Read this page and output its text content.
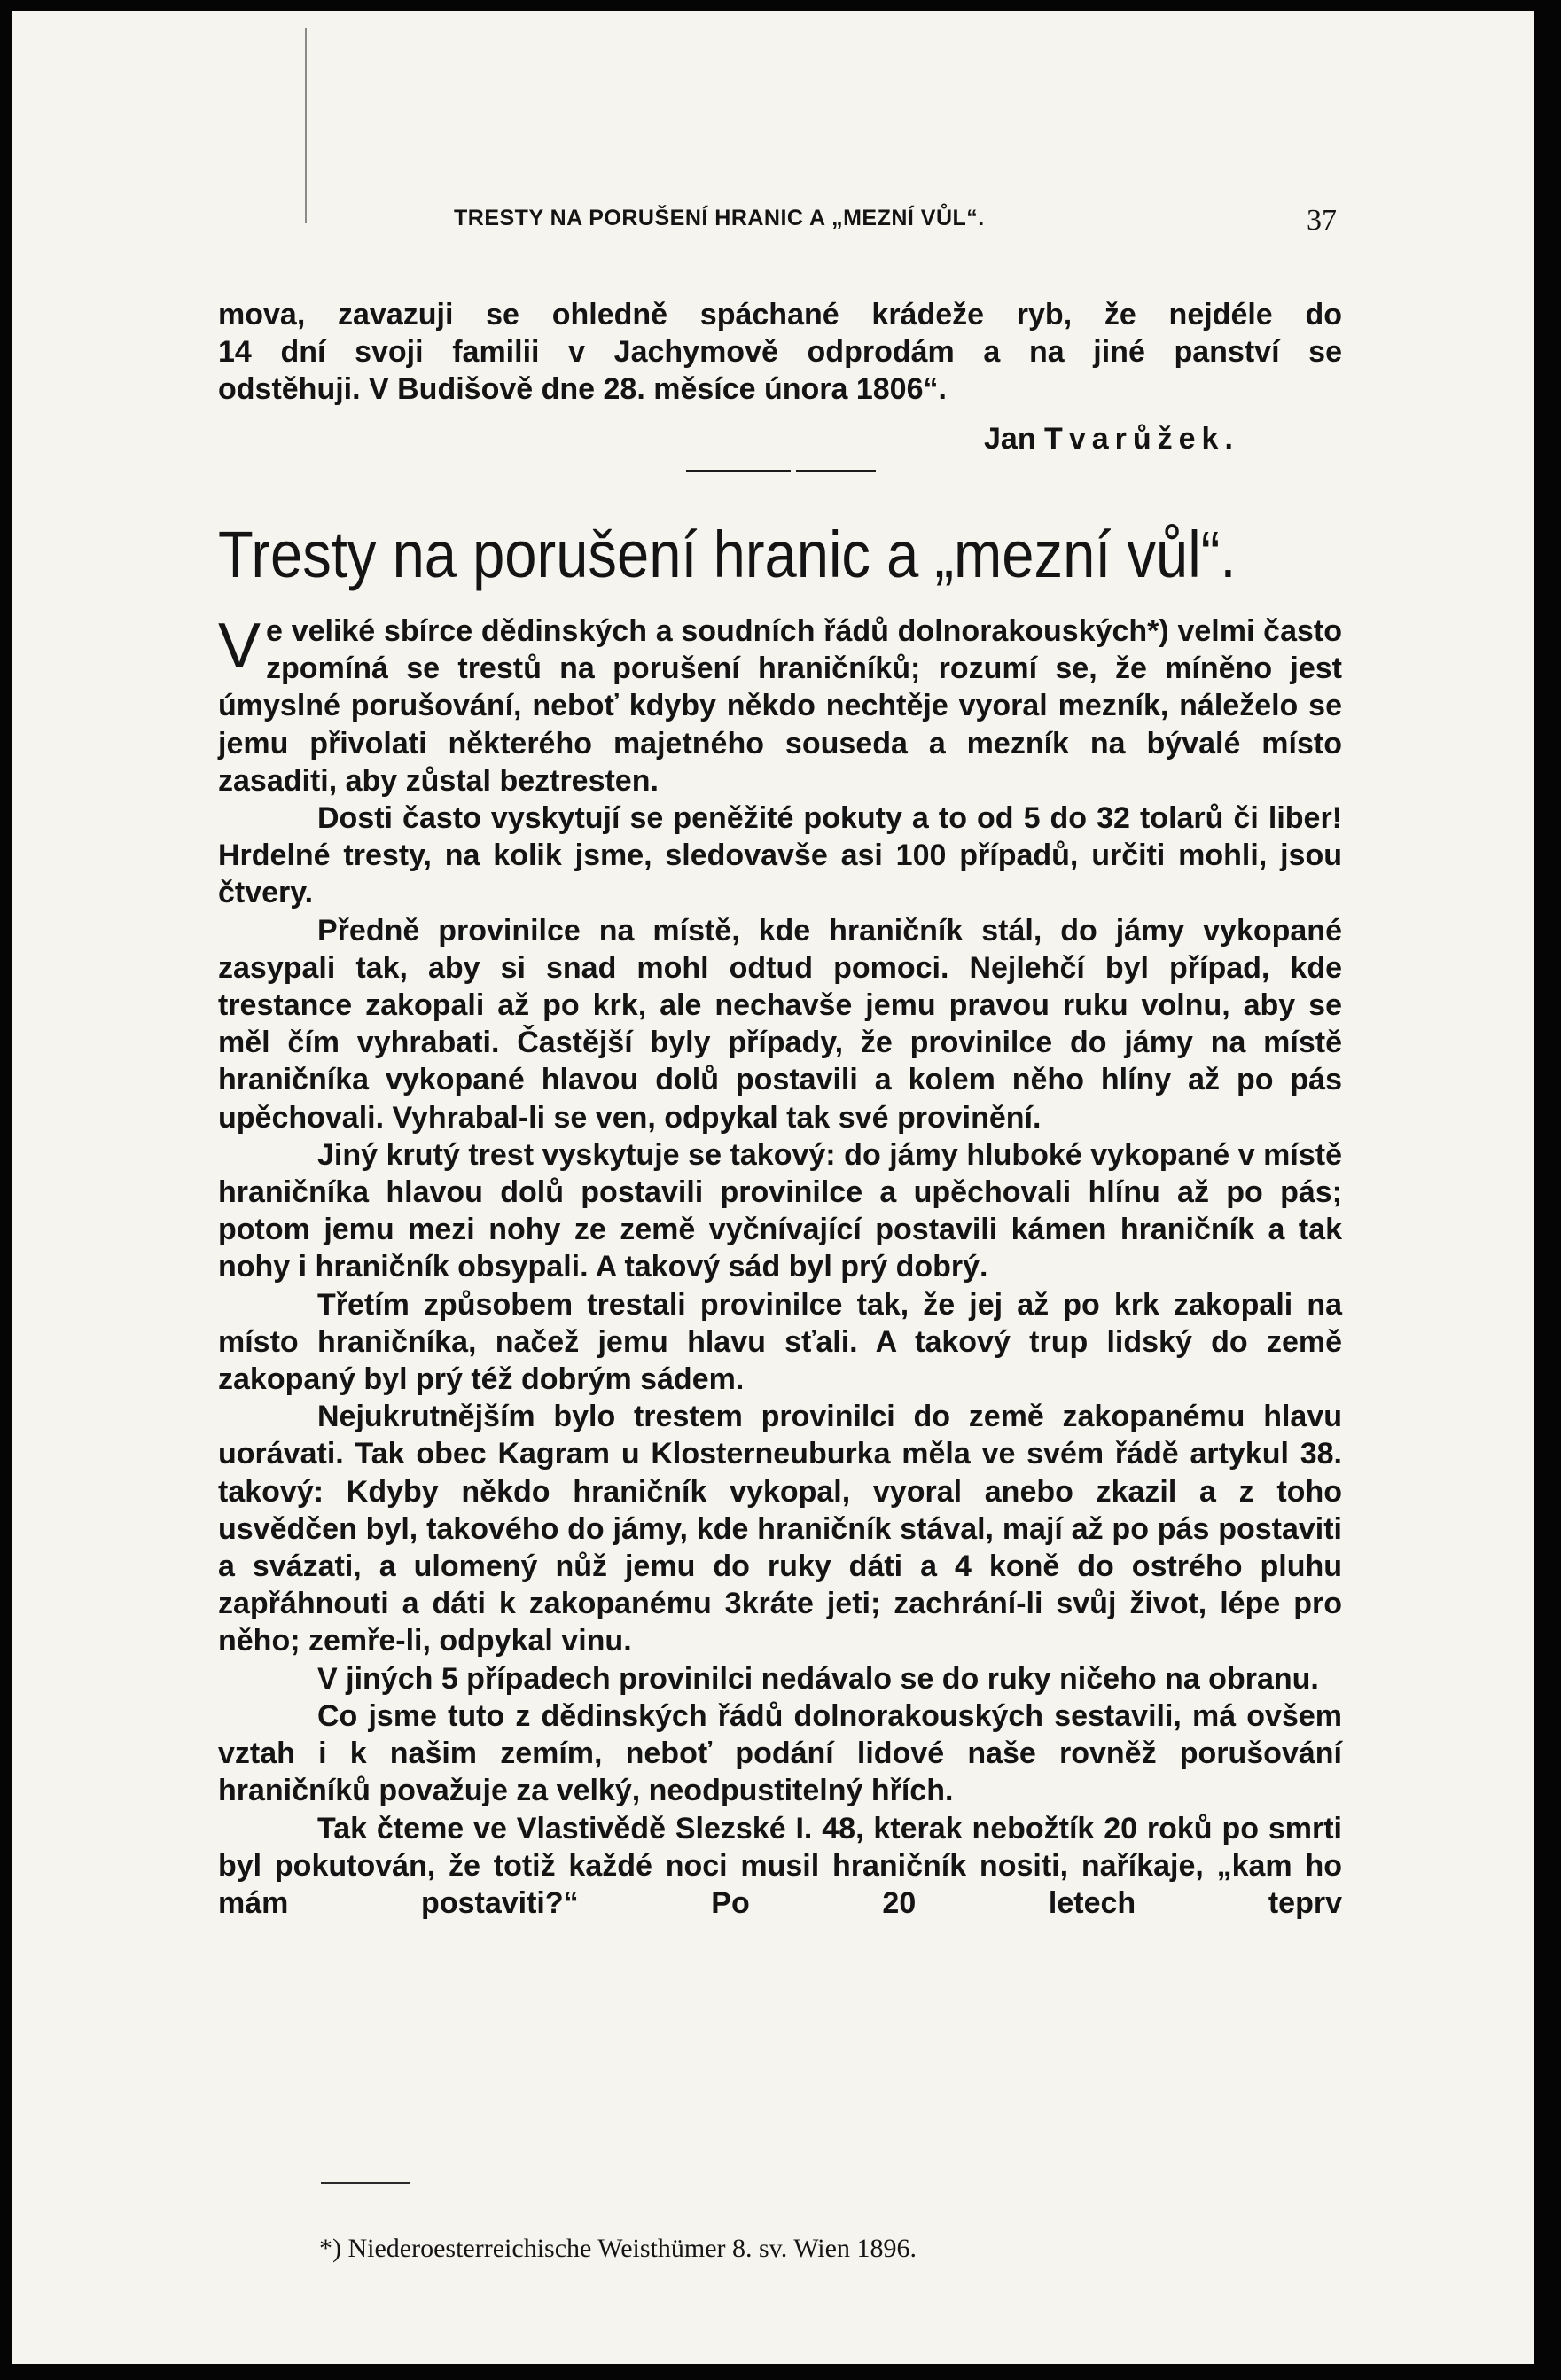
TRESTY NA PORUŠENÍ HRANIC A „MEZNÍ VŮL“.	37

mova, zavazuji se ohledně spáchané krádeže ryb, že nejdéle do

14 dní svoji familii v Jachymově odprodám a na jiné panství se

odstěhuji. V Budišově dne 28. měsíce února 1806“.

Jan Tvarůžek.
Tresty na porušení hranic a „mezní vůl“.

Ve veliké sbírce dědinských a soudních řádů dolnorakouských*) velmi často zpomíná se trestů na porušení hraničníků; rozumí se, že míněno jest úmyslné porušování, neboť kdyby někdo nechtěje vyoral mezník, náleželo se jemu přivolati některého majetného souseda a mezník na bývalé místo zasaditi, aby zůstal beztresten.

Dosti často vyskytují se peněžité pokuty a to od 5 do 32 tolarů či liber! Hrdelné tresty, na kolik jsme, sledovavše asi 100 případů, určiti mohli, jsou čtvery.

Předně provinilce na místě, kde hraničník stál, do jámy vykopané zasypali tak, aby si snad mohl odtud pomoci. Nejlehčí byl případ, kde trestance zakopali až po krk, ale nechavše jemu pravou ruku volnu, aby se měl čím vyhrabati. Častější byly případy, že provinilce do jámy na místě hraničníka vykopané hlavou dolů postavili a kolem něho hlíny až po pás upěchovali. Vyhrabal-li se ven, odpykal tak své provinění.

Jiný krutý trest vyskytuje se takový: do jámy hluboké vykopané v místě hraničníka hlavou dolů postavili provinilce a upěchovali hlínu až po pás; potom jemu mezi nohy ze země vyčnívající postavili kámen hraničník a tak nohy i hraničník obsypali. A takový sád byl prý dobrý.

Třetím způsobem trestali provinilce tak, že jej až po krk zakopali na místo hraničníka, načež jemu hlavu sťali. A takový trup lidský do země zakopaný byl prý též dobrým sádem.

Nejukrutnějším bylo trestem provinilci do země zakopanému hlavu uorávati. Tak obec Kagram u Klosterneuburka měla ve svém řádě artykul 38. takový: Kdyby někdo hraničník vykopal, vyoral anebo zkazil a z toho usvědčen byl, takového do jámy, kde hraničník stával, mají až po pás postaviti a svázati, a ulomený nůž jemu do ruky dáti a 4 koně do ostrého pluhu zapřáhnouti a dáti k zakopanému 3kráte jeti; zachrání-li svůj život, lépe pro něho; zemře-li, odpykal vinu.

V jiných 5 případech provinilci nedávalo se do ruky ničeho na obranu.

Co jsme tuto z dědinských řádů dolnorakouských sestavili, má ovšem vztah i k našim zemím, neboť podání lidové naše rovněž porušování hraničníků považuje za velký, neodpustitelný hřích.

Tak čteme ve Vlastivědě Slezské I. 48, kterak nebožtík 20 roků po smrti byl pokutován, že totiž každé noci musil hraničník nositi, naříkaje, „kam ho mám postaviti?“ Po 20 letech teprv

*) Niederoesterreichische Weisthümer 8. sv. Wien 1896.
